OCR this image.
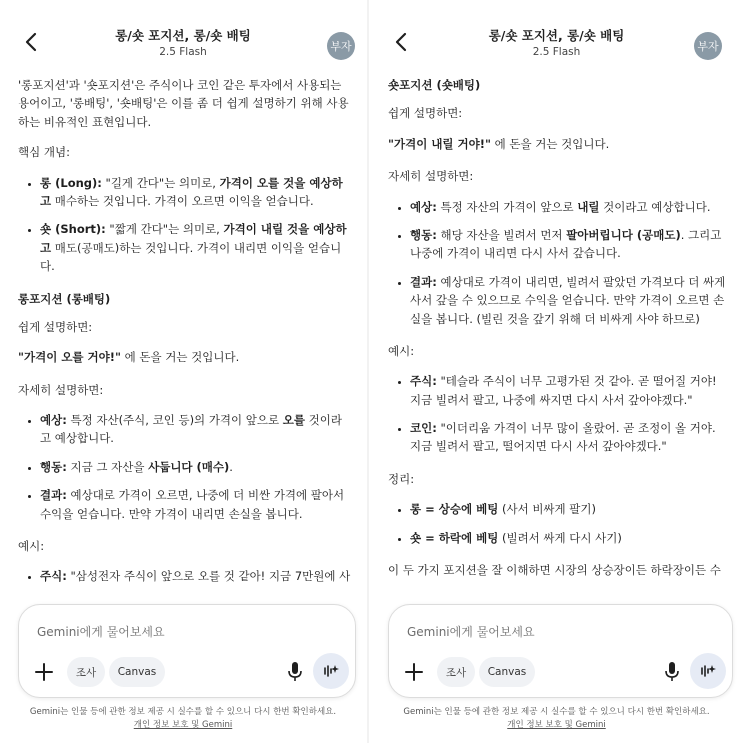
롱/숏 포지션, 롱/숏 배팅
2.5 Flash	부자

'롱포지션'과 '숏포지션'은 주식이나 코인 같은 투자에서 사용되는 용어이고, '롱배팅', '숏배팅'은 이를 좀 더 쉽게 설명하기 위해 사용하는 비유적인 표현입니다.

핵심 개념:
• 롱 (Long): "길게 간다"는 의미로, 가격이 오를 것을 예상하고 매수하는 것입니다. 가격이 오르면 이익을 얻습니다.
• 숏 (Short): "짧게 간다"는 의미로, 가격이 내릴 것을 예상하고 매도(공매도)하는 것입니다. 가격이 내리면 이익을 얻습니다.
롱포지션 (롱배팅)
쉽게 설명하면:
"가격이 오를 거야!" 에 돈을 거는 것입니다.
자세히 설명하면:
• 예상: 특정 자산(주식, 코인 등)의 가격이 앞으로 오를 것이라고 예상합니다.
• 행동: 지금 그 자산을 사둡니다 (매수).
• 결과: 예상대로 가격이 오르면, 나중에 더 비싼 가격에 팔아서 수익을 얻습니다. 만약 가격이 내리면 손실을 봅니다.
예시:
• 주식: "삼성전자 주식이 앞으로 오를 것 같아! 지금 7만원에 사
Gemini에게 물어보세요
조사	Canvas
Gemini는 인물 등에 관한 정보 제공 시 실수를 할 수 있으니 다시 한번 확인하세요.
개인 정보 보호 및 Gemini
롱/숏 포지션, 롱/숏 배팅
2.5 Flash	부자
숏포지션 (숏배팅)
쉽게 설명하면:
"가격이 내릴 거야!" 에 돈을 거는 것입니다.
자세히 설명하면:
• 예상: 특정 자산의 가격이 앞으로 내릴 것이라고 예상합니다.
• 행동: 해당 자산을 빌려서 먼저 팔아버립니다 (공매도). 그리고 나중에 가격이 내리면 다시 사서 갚습니다.
• 결과: 예상대로 가격이 내리면, 빌려서 팔았던 가격보다 더 싸게 사서 갚을 수 있으므로 수익을 얻습니다. 만약 가격이 오르면 손실을 봅니다. (빌린 것을 갚기 위해 더 비싸게 사야 하므로)
예시:
• 주식: "테슬라 주식이 너무 고평가된 것 같아. 곧 떨어질 거야! 지금 빌려서 팔고, 나중에 싸지면 다시 사서 갚아야겠다."
• 코인: "이더리움 가격이 너무 많이 올랐어. 곧 조정이 올 거야. 지금 빌려서 팔고, 떨어지면 다시 사서 갚아야겠다."
정리:
• 롱 = 상승에 베팅 (사서 비싸게 팔기)
• 숏 = 하락에 베팅 (빌려서 싸게 다시 사기)

이 두 가지 포지션을 잘 이해하면 시장의 상승장이든 하락장이든 수

Gemini에게 물어보세요
조사	Canvas
Gemini는 인물 등에 관한 정보 제공 시 실수를 할 수 있으니 다시 한번 확인하세요.
개인 정보 보호 및 Gemini
